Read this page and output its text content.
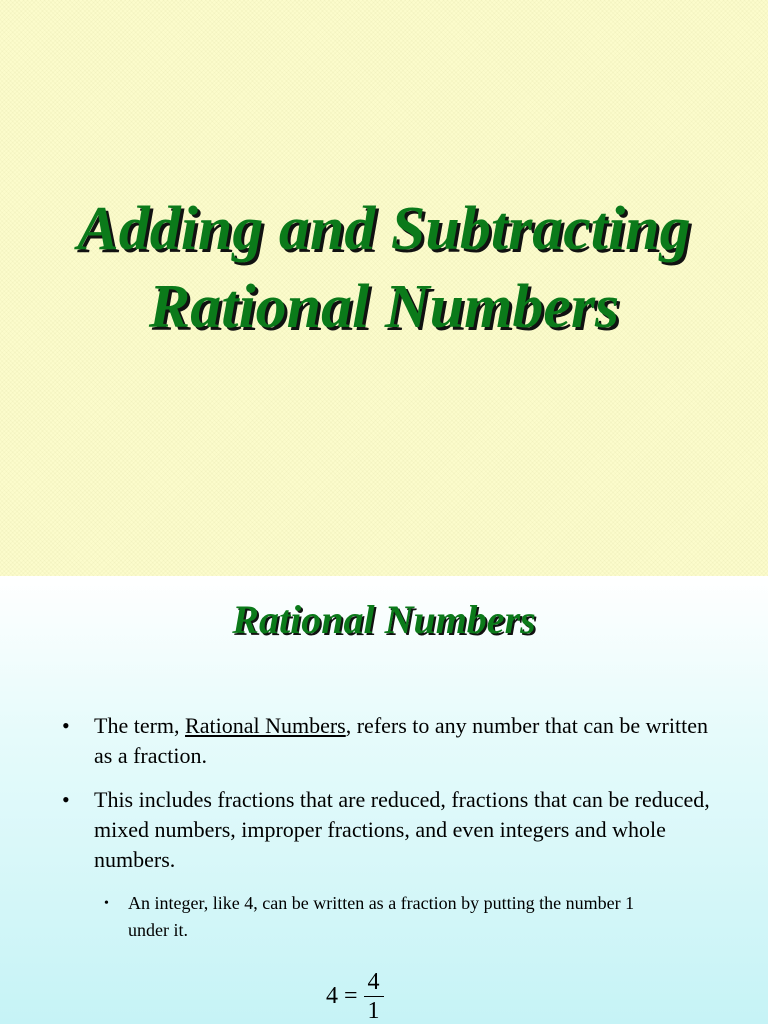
Adding and Subtracting
Rational Numbers
Rational Numbers
• The term, Rational Numbers, refers to any number that can be written as a fraction.
• This includes fractions that are reduced, fractions that can be reduced, mixed numbers, improper fractions, and even integers and whole numbers.
• An integer, like 4, can be written as a fraction by putting the number 1 under it.
$4 = \frac{4}{1}$
